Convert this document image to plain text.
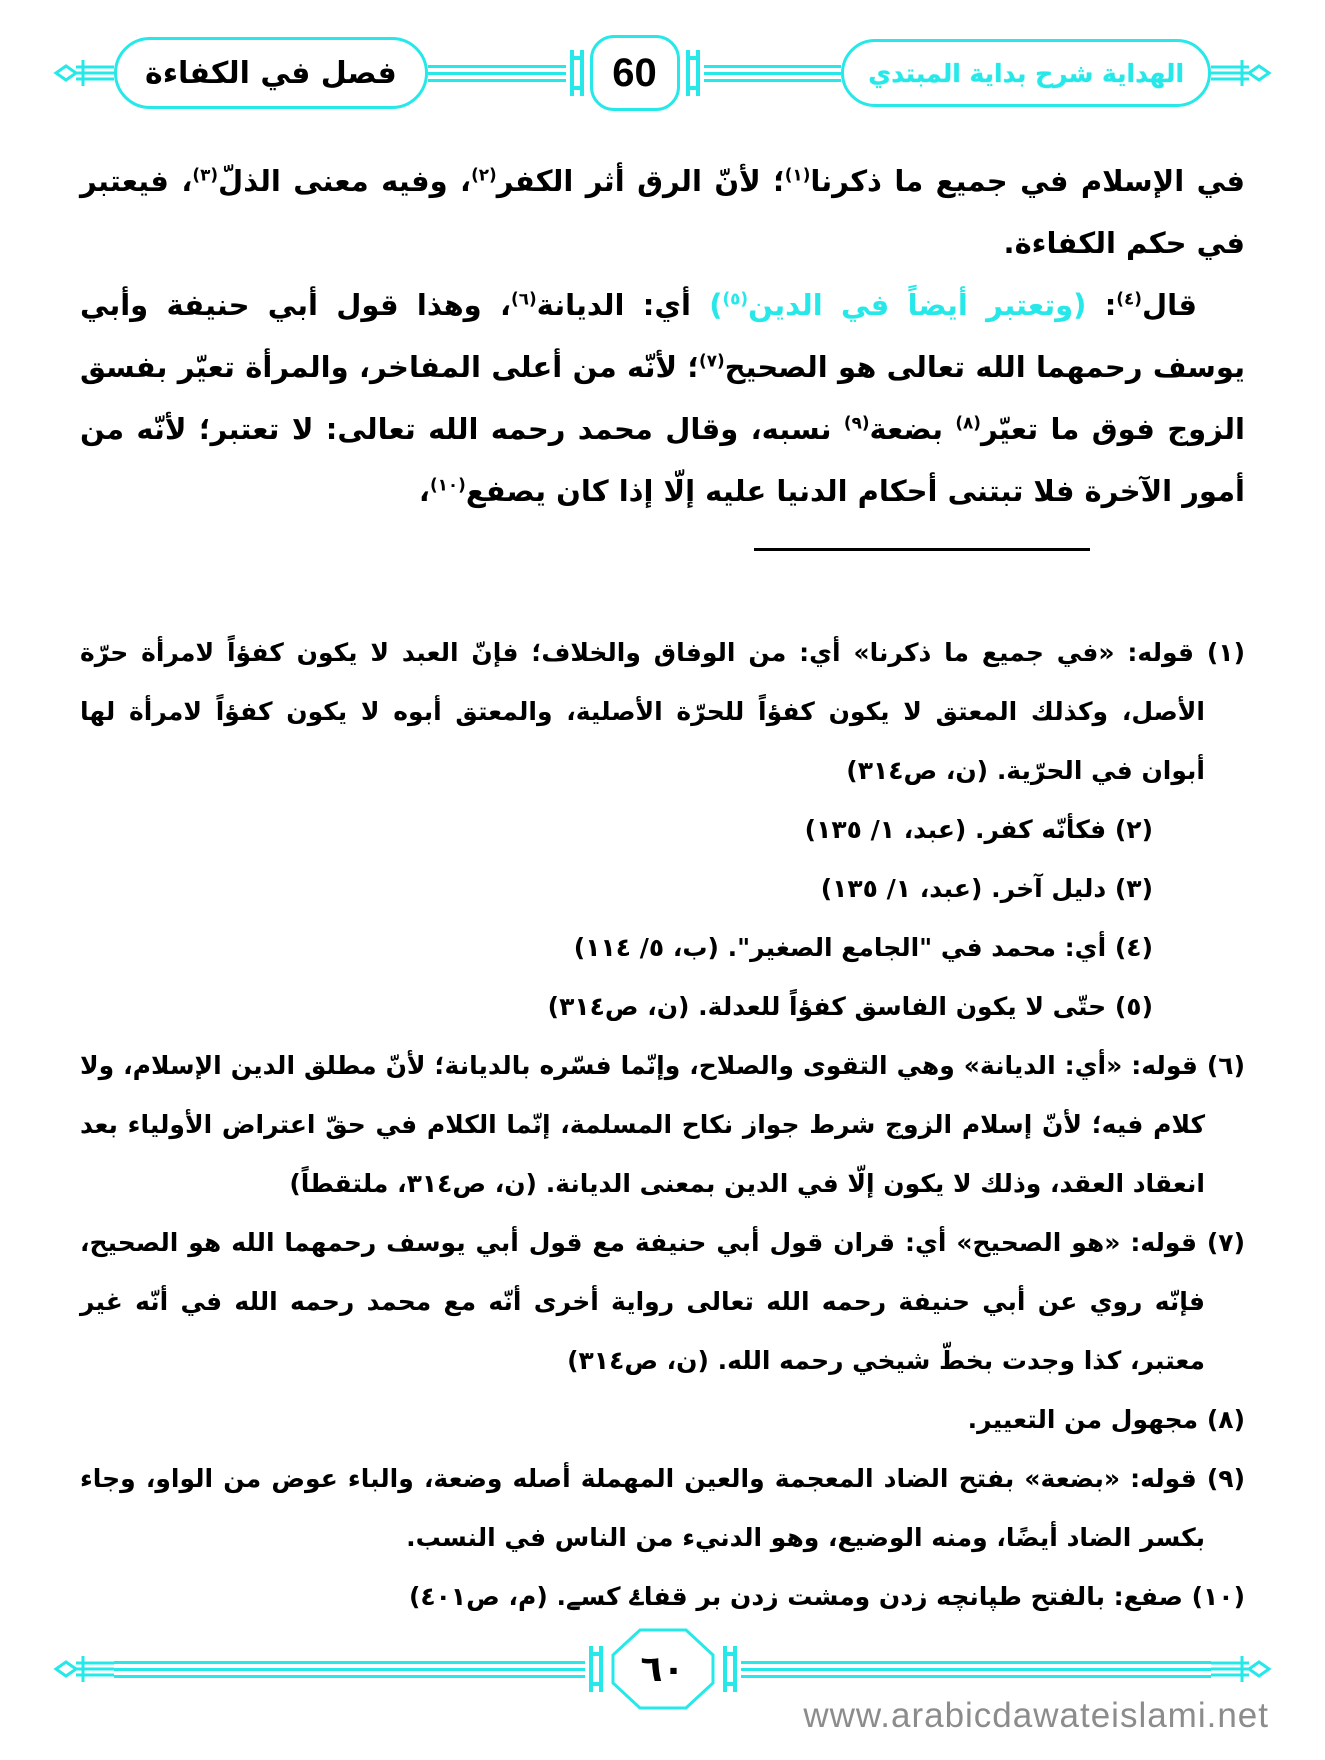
فصل في الكفاءة	60	الهداية شرح بداية المبتدي

في الإسلام في جميع ما ذكرنا$^{(١)}$؛ لأنّ الرق أثر الكفر$^{(٢)}$، وفيه معنى الذلّ$^{(٣)}$، فيعتبر في حكم الكفاءة.

قال$^{(٤)}$: (وتعتبر أيضاً في الدين$^{(٥)}$) أي: الديانة$^{(٦)}$، وهذا قول أبي حنيفة وأبي يوسف رحمهما الله تعالى هو الصحيح$^{(٧)}$؛ لأنّه من أعلى المفاخر، والمرأة تعيّر بفسق الزوج فوق ما تعيّر$^{(٨)}$ بضعة$^{(٩)}$ نسبه، وقال محمد رحمه الله تعالى: لا تعتبر؛ لأنّه من أمور الآخرة فلا تبتنى أحكام الدنيا عليه إلّا إذا كان يصفع$^{(١٠)}$،

(١) قوله: «في جميع ما ذكرنا» أي: من الوفاق والخلاف؛ فإنّ العبد لا يكون كفؤاً لامرأة حرّة الأصل، وكذلك المعتق لا يكون كفؤاً للحرّة الأصلية، والمعتق أبوه لا يكون كفؤاً لامرأة لها أبوان في الحرّية. (ن، ص٣١٤)

(٢) فكأنّه كفر. (عبد، ١/ ١٣٥)

(٣) دليل آخر. (عبد، ١/ ١٣٥)

(٤) أي: محمد في "الجامع الصغير". (ب، ٥/ ١١٤)

(٥) حتّى لا يكون الفاسق كفؤاً للعدلة. (ن، ص٣١٤)

(٦) قوله: «أي: الديانة» وهي التقوى والصلاح، وإنّما فسّره بالديانة؛ لأنّ مطلق الدين الإسلام، ولا كلام فيه؛ لأنّ إسلام الزوج شرط جواز نكاح المسلمة، إنّما الكلام في حقّ اعتراض الأولياء بعد انعقاد العقد، وذلك لا يكون إلّا في الدين بمعنى الديانة. (ن، ص٣١٤، ملتقطاً)

(٧) قوله: «هو الصحيح» أي: قران قول أبي حنيفة مع قول أبي يوسف رحمهما الله هو الصحيح، فإنّه روي عن أبي حنيفة رحمه الله تعالى رواية أخرى أنّه مع محمد رحمه الله في أنّه غير معتبر، كذا وجدت بخطّ شيخي رحمه الله. (ن، ص٣١٤)

(٨) مجهول من التعيير.

(٩) قوله: «بضعة» بفتح الضاد المعجمة والعين المهملة أصله وضعة، والباء عوض من الواو، وجاء بكسر الضاد أيضًا، ومنه الوضيع، وهو الدنيء من الناس في النسب.

(١٠) صفع: بالفتح طپانچه زدن ومشت زدن بر قفاۓ کسے. (م، ص٤٠١)

٦٠
www.arabicdawateislami.net
